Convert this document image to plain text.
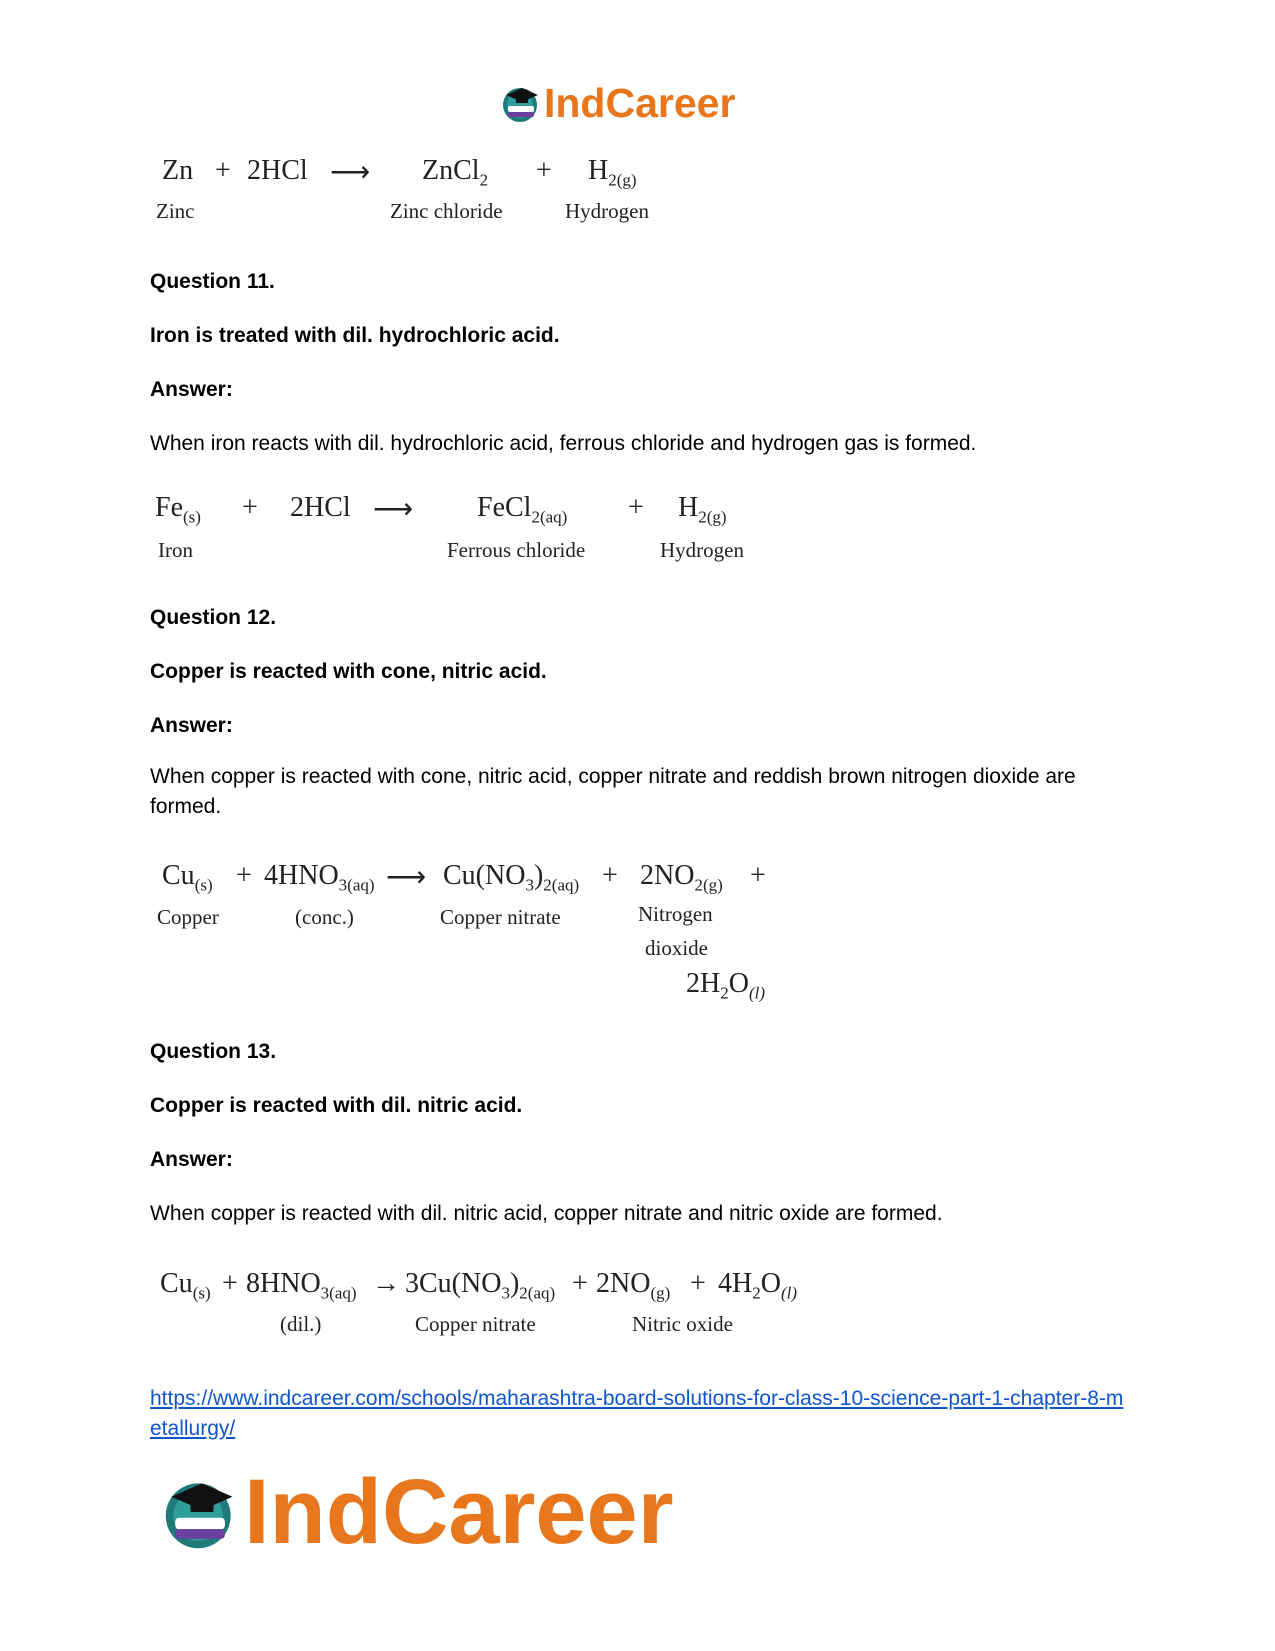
IndCareer
Zn + 2HCl ⟶ ZnCl$_2$ + $H_{2(g)}$
Zinc	Zinc chloride	Hydrogen
Question 11.
Iron is treated with dil. hydrochloric acid.
Answer:
When iron reacts with dil. hydrochloric acid, ferrous chloride and hydrogen gas is formed.
$Fe_{(s)} + 2HCl$ ⟶ FeCl$_{2(aq)}$ + $H_{2(g)}$
Iron	Ferrous chloride	Hydrogen
Question 12.
Copper is reacted with cone, nitric acid.
Answer:
When copper is reacted with cone, nitric acid, copper nitrate and reddish brown nitrogen dioxide are formed.
$Cu_{(s)} + 4HNO_{3(aq)}$ ⟶ $Cu(NO_3)_{2(aq)} + 2NO_{2(g)}$ +
Copper	(conc.)	Copper nitrate	Nitrogen
dioxide
$2H_2O_{(l)}$
Question 13.
Copper is reacted with dil. nitric acid.
Answer:
When copper is reacted with dil. nitric acid, copper nitrate and nitric oxide are formed.
$Cu_{(s)} + 8HNO_{3(aq)} \to 3Cu(NO_3)_{2(aq)} + 2NO_{(g)} + 4H_2O_{(l)}$
(dil.)	Copper nitrate	Nitric oxide
https://www.indcareer.com/schools/maharashtra-board-solutions-for-class-10-science-part-1-chapter-8-metallurgy/
IndCareer
